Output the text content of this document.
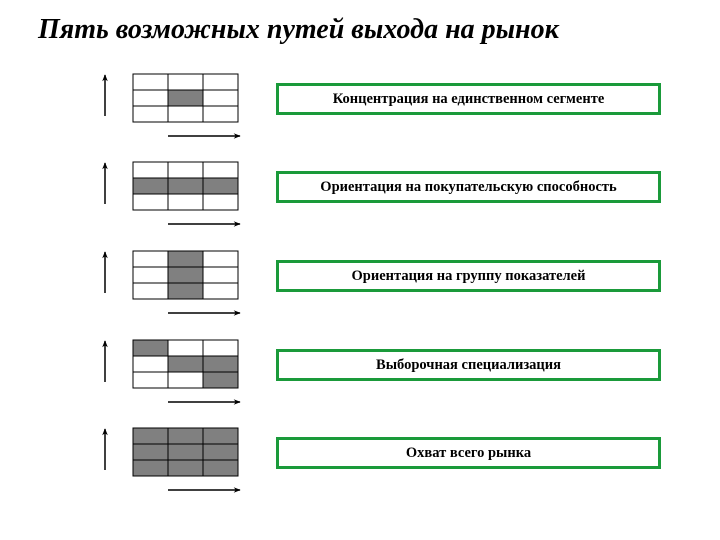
Пять возможных путей выхода на рынок
Концентрация на единственном сегменте
Ориентация на покупательскую способность
Ориентация на группу показателей
Выборочная специализация
Охват всего рынка
